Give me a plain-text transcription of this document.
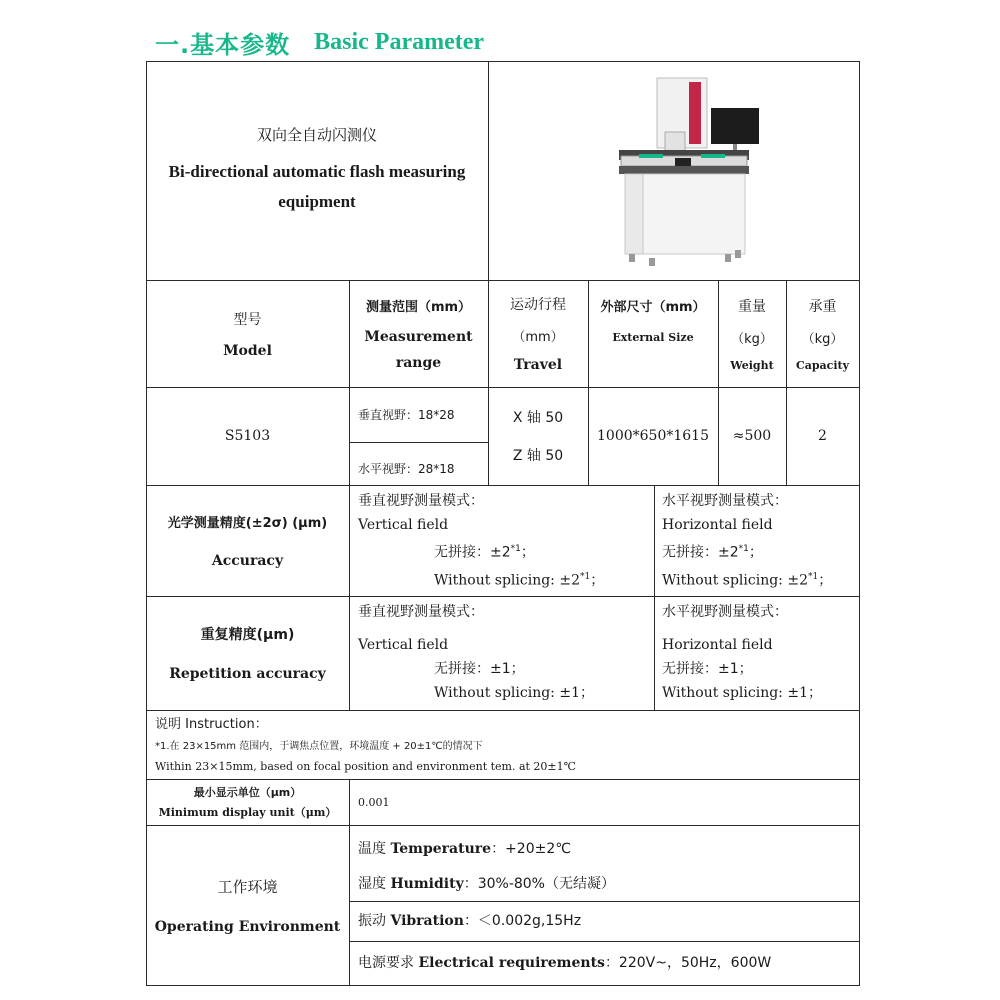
一.基本参数 Basic Parameter
双向全自动闪测仪
Bi-directional automatic flash measuring
equipment
型号
Model
测量范围（mm）
Measurement
range
运动行程
（mm）
Travel
外部尺寸（mm）
External Size
重量
（kg）
Weight
承重
（kg）
Capacity
S5103
垂直视野：18*28
水平视野：28*18
X 轴 50
Z 轴 50
1000*650*1615	≈500	2
光学测量精度(±2σ) (μm)
Accuracy
垂直视野测量模式：
Vertical field
无拼接：$\pm 2^{*1}$；
Without splicing: $\pm 2^{*1}$；
水平视野测量模式：
Horizontal field
无拼接：$\pm 2^{*1}$；
Without splicing: $\pm 2^{*1}$；
重复精度(μm)
Repetition accuracy
垂直视野测量模式：
Vertical field
无拼接：±1；
Without splicing: ±1；
水平视野测量模式：
Horizontal field
无拼接：±1；
Without splicing: ±1；
说明 Instruction：
*1.在 23×15mm 范围内，于调焦点位置，环境温度 + 20±1℃的情况下
Within 23×15mm, based on focal position and environment tem. at 20±1℃
最小显示单位（μm）
Minimum display unit（μm）
0.001
工作环境
Operating Environment
温度 Temperature：+20±2℃
湿度 Humidity：30%-80%（无结凝）
振动 Vibration：＜0.002g,15Hz
电源要求 Electrical requirements：220V~，50Hz，600W
